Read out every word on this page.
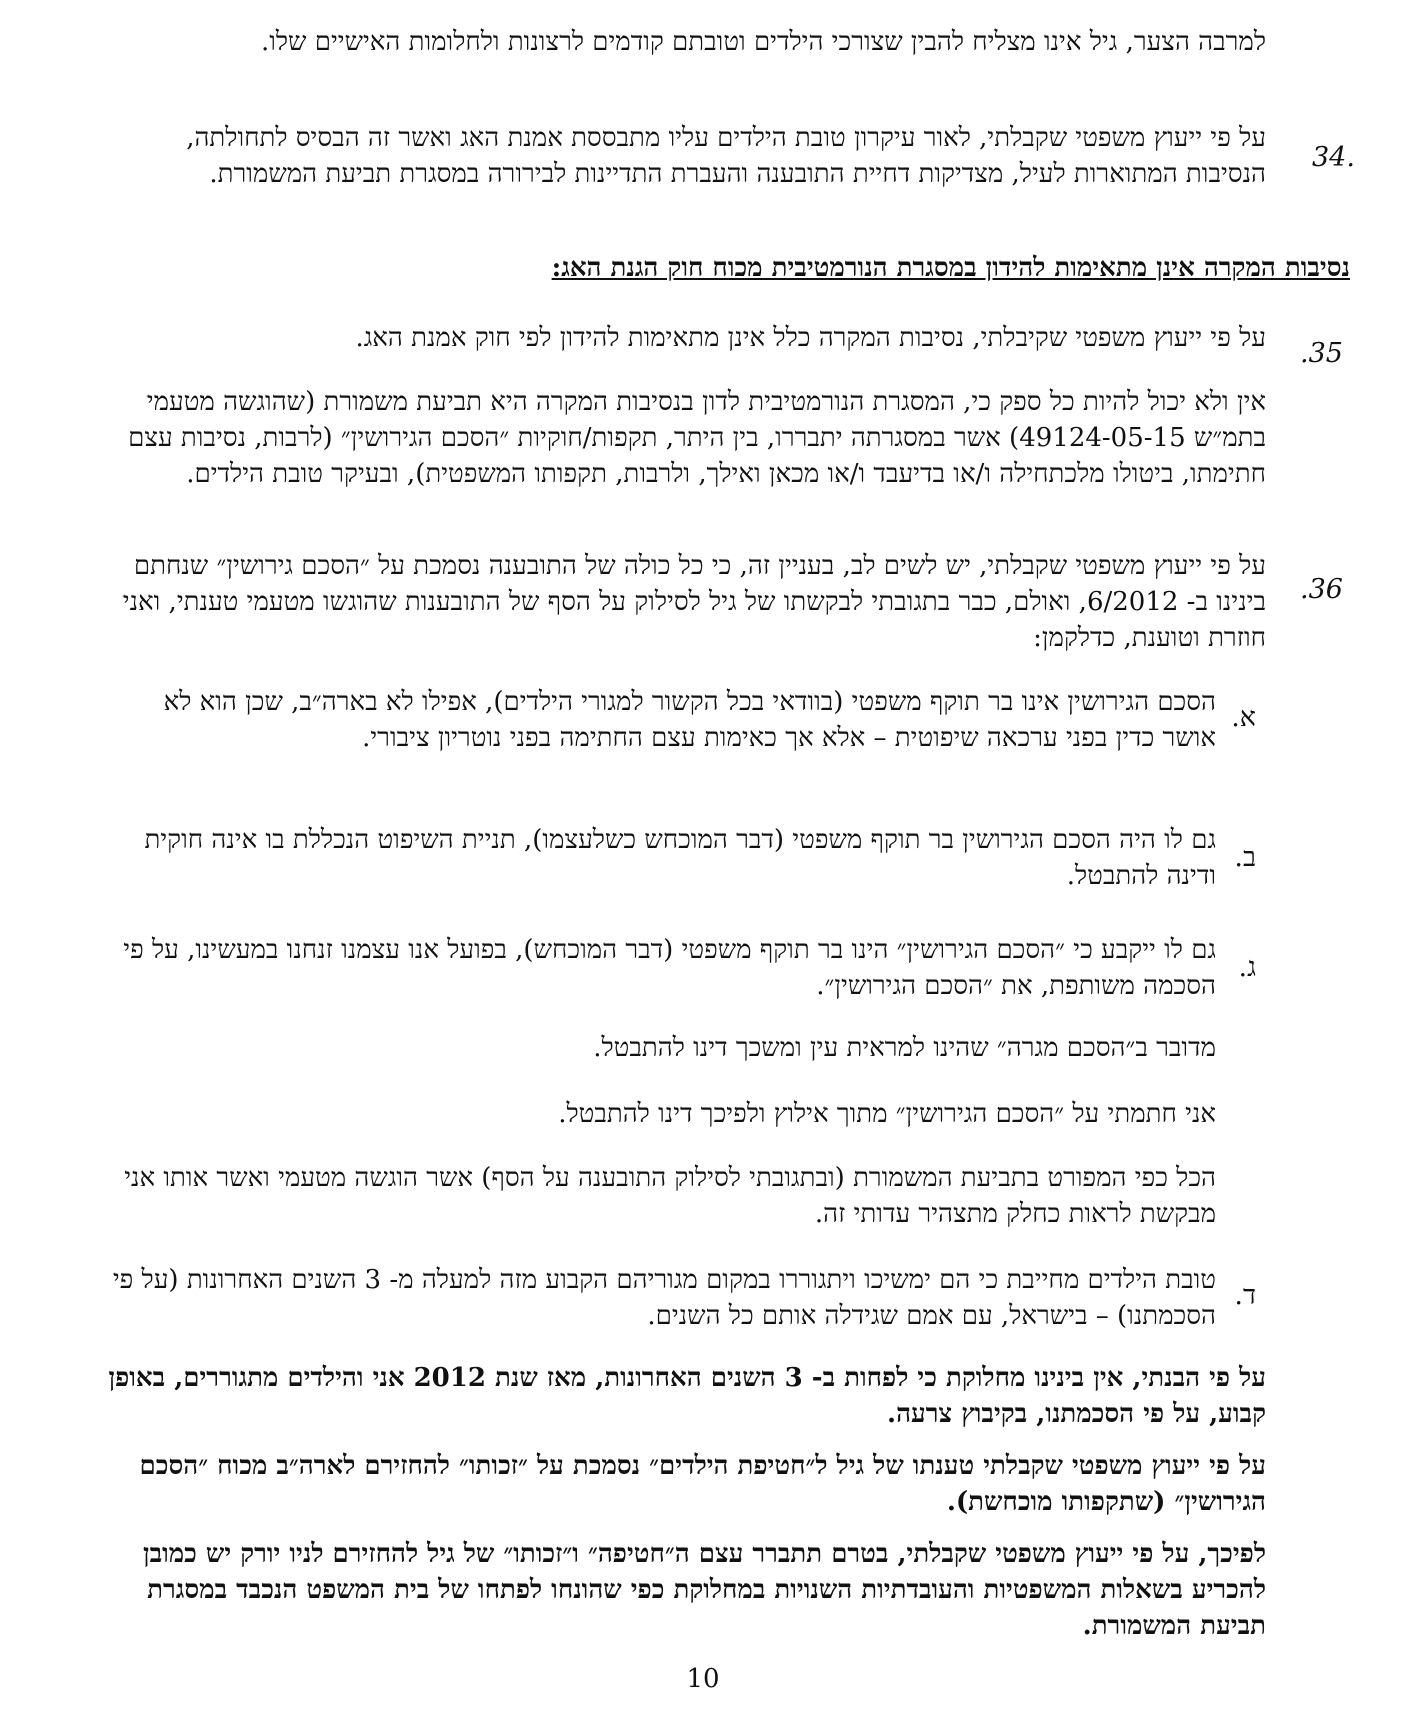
למרבה הצער, גיל אינו מצליח להבין שצורכי הילדים וטובתם קודמים לרצונות ולחלומות האישיים שלו.

34.

על פי ייעוץ משפטי שקבלתי, לאור עיקרון טובת הילדים עליו מתבססת אמנת האג ואשר זה הבסיס לתחולתה, הנסיבות המתוארות לעיל, מצדיקות דחיית התובענה והעברת התדיינות לבירורה במסגרת תביעת המשמורת.

נסיבות המקרה אינן מתאימות להידון במסגרת הנורמטיבית מכוח חוק הגנת האג:
.35

על פי ייעוץ משפטי שקיבלתי, נסיבות המקרה כלל אינן מתאימות להידון לפי חוק אמנת האג.

אין ולא יכול להיות כל ספק כי, המסגרת הנורמטיבית לדון בנסיבות המקרה היא תביעת משמורת (שהוגשה מטעמי בתמ״ש 49124-05-15) אשר במסגרתה יתבררו, בין היתר, תקפות/חוקיות ״הסכם הגירושין״ (לרבות, נסיבות עצם חתימתו, ביטולו מלכתחילה ו/או בדיעבד ו/או מכאן ואילך, ולרבות, תקפותו המשפטית), ובעיקר טובת הילדים.

.36

על פי ייעוץ משפטי שקבלתי, יש לשים לב, בעניין זה, כי כל כולה של התובענה נסמכת על ״הסכם גירושין״ שנחתם בינינו ב- 6/2012, ואולם, כבר בתגובתי לבקשתו של גיל לסילוק על הסף של התובענות שהוגשו מטעמי טענתי, ואני חוזרת וטוענת, כדלקמן:

א.

הסכם הגירושין אינו בר תוקף משפטי (בוודאי בכל הקשור למגורי הילדים), אפילו לא בארה״ב, שכן הוא לא אושר כדין בפני ערכאה שיפוטית – אלא אך כאימות עצם החתימה בפני נוטריון ציבורי.

ב.

גם לו היה הסכם הגירושין בר תוקף משפטי (דבר המוכחש כשלעצמו), תניית השיפוט הנכללת בו אינה חוקית ודינה להתבטל.

ג.

גם לו ייקבע כי ״הסכם הגירושין״ הינו בר תוקף משפטי (דבר המוכחש), בפועל אנו עצמנו זנחנו במעשינו, על פי הסכמה משותפת, את ״הסכם הגירושין״.

מדובר ב״הסכם מגרה״ שהינו למראית עין ומשכך דינו להתבטל.

אני חתמתי על ״הסכם הגירושין״ מתוך אילוץ ולפיכך דינו להתבטל.

הכל כפי המפורט בתביעת המשמורת (ובתגובתי לסילוק התובענה על הסף) אשר הוגשה מטעמי ואשר אותו אני מבקשת לראות כחלק מתצהיר עדותי זה.

ד.

טובת הילדים מחייבת כי הם ימשיכו ויתגוררו במקום מגוריהם הקבוע מזה למעלה מ- 3 השנים האחרונות (על פי הסכמתנו) – בישראל, עם אמם שגידלה אותם כל השנים.

על פי הבנתי, אין בינינו מחלוקת כי לפחות ב- 3 השנים האחרונות, מאז שנת 2012 אני והילדים מתגוררים, באופן קבוע, על פי הסכמתנו, בקיבוץ צרעה.

על פי ייעוץ משפטי שקבלתי טענתו של גיל ל״חטיפת הילדים״ נסמכת על ״זכותו״ להחזירם לארה״ב מכוח ״הסכם הגירושין״ (שתקפותו מוכחשת).

לפיכך, על פי ייעוץ משפטי שקבלתי, בטרם תתברר עצם ה״חטיפה״ ו״זכותו״ של גיל להחזירם לניו יורק יש כמובן להכריע בשאלות המשפטיות והעובדתיות השנויות במחלוקת כפי שהונחו לפתחו של בית המשפט הנכבד במסגרת תביעת המשמורת.

10
